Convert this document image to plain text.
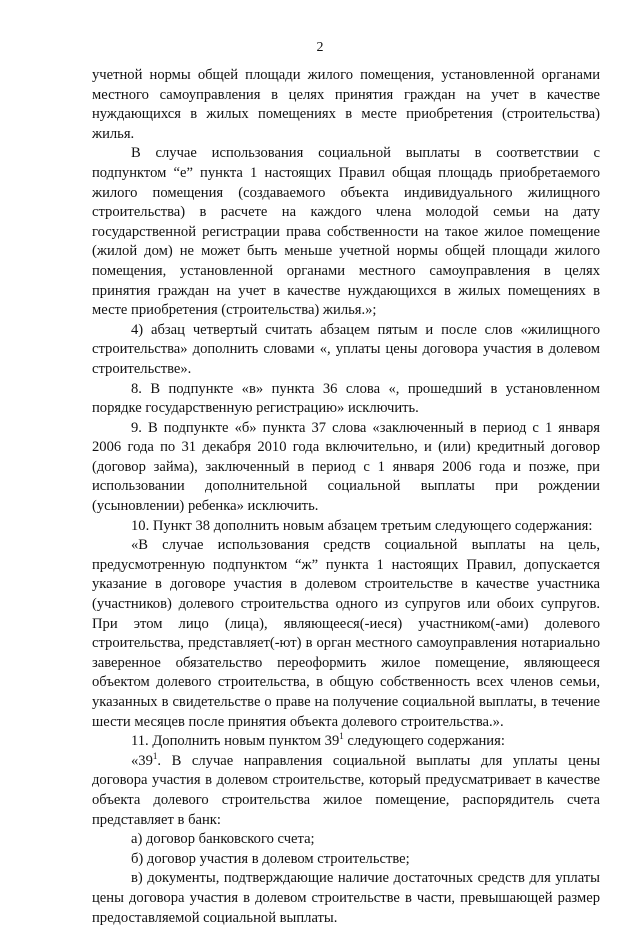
2

учетной нормы общей площади жилого помещения, установленной органами местного самоуправления в целях принятия граждан на учет в качестве нуждающихся в жилых помещениях в месте приобретения (строительства) жилья.

В случае использования социальной выплаты в соответствии с подпунктом “е” пункта 1 настоящих Правил общая площадь приобретаемого жилого помещения (создаваемого объекта индивидуального жилищного строительства) в расчете на каждого члена молодой семьи на дату государственной регистрации права собственности на такое жилое помещение (жилой дом) не может быть меньше учетной нормы общей площади жилого помещения, установленной органами местного самоуправления в целях принятия граждан на учет в качестве нуждающихся в жилых помещениях в месте приобретения (строительства) жилья.»;

4) абзац четвертый считать абзацем пятым и после слов «жилищного строительства» дополнить словами «, уплаты цены договора участия в долевом строительстве».

8. В подпункте «в» пункта 36 слова «, прошедший в установленном порядке государственную регистрацию» исключить.

9. В подпункте «б» пункта 37 слова «заключенный в период с 1 января 2006 года по 31 декабря 2010 года включительно, и (или) кредитный договор (договор займа), заключенный в период с 1 января 2006 года и позже, при использовании дополнительной социальной выплаты при рождении (усыновлении) ребенка» исключить.

10. Пункт 38 дополнить новым абзацем третьим следующего содержания:

«В случае использования средств социальной выплаты на цель, предусмотренную подпунктом “ж” пункта 1 настоящих Правил, допускается указание в договоре участия в долевом строительстве в качестве участника (участников) долевого строительства одного из супругов или обоих супругов. При этом лицо (лица), являющееся(-иеся) участником(-ами) долевого строительства, представляет(-ют) в орган местного самоуправления нотариально заверенное обязательство переоформить жилое помещение, являющееся объектом долевого строительства, в общую собственность всех членов семьи, указанных в свидетельстве о праве на получение социальной выплаты, в течение шести месяцев после принятия объекта долевого строительства.».

11. Дополнить новым пунктом $39^1$ следующего содержания:

«$39^1$. В случае направления социальной выплаты для уплаты цены договора участия в долевом строительстве, который предусматривает в качестве объекта долевого строительства жилое помещение, распорядитель счета представляет в банк:

а) договор банковского счета;

б) договор участия в долевом строительстве;

в) документы, подтверждающие наличие достаточных средств для уплаты цены договора участия в долевом строительстве в части, превышающей размер предоставляемой социальной выплаты.
